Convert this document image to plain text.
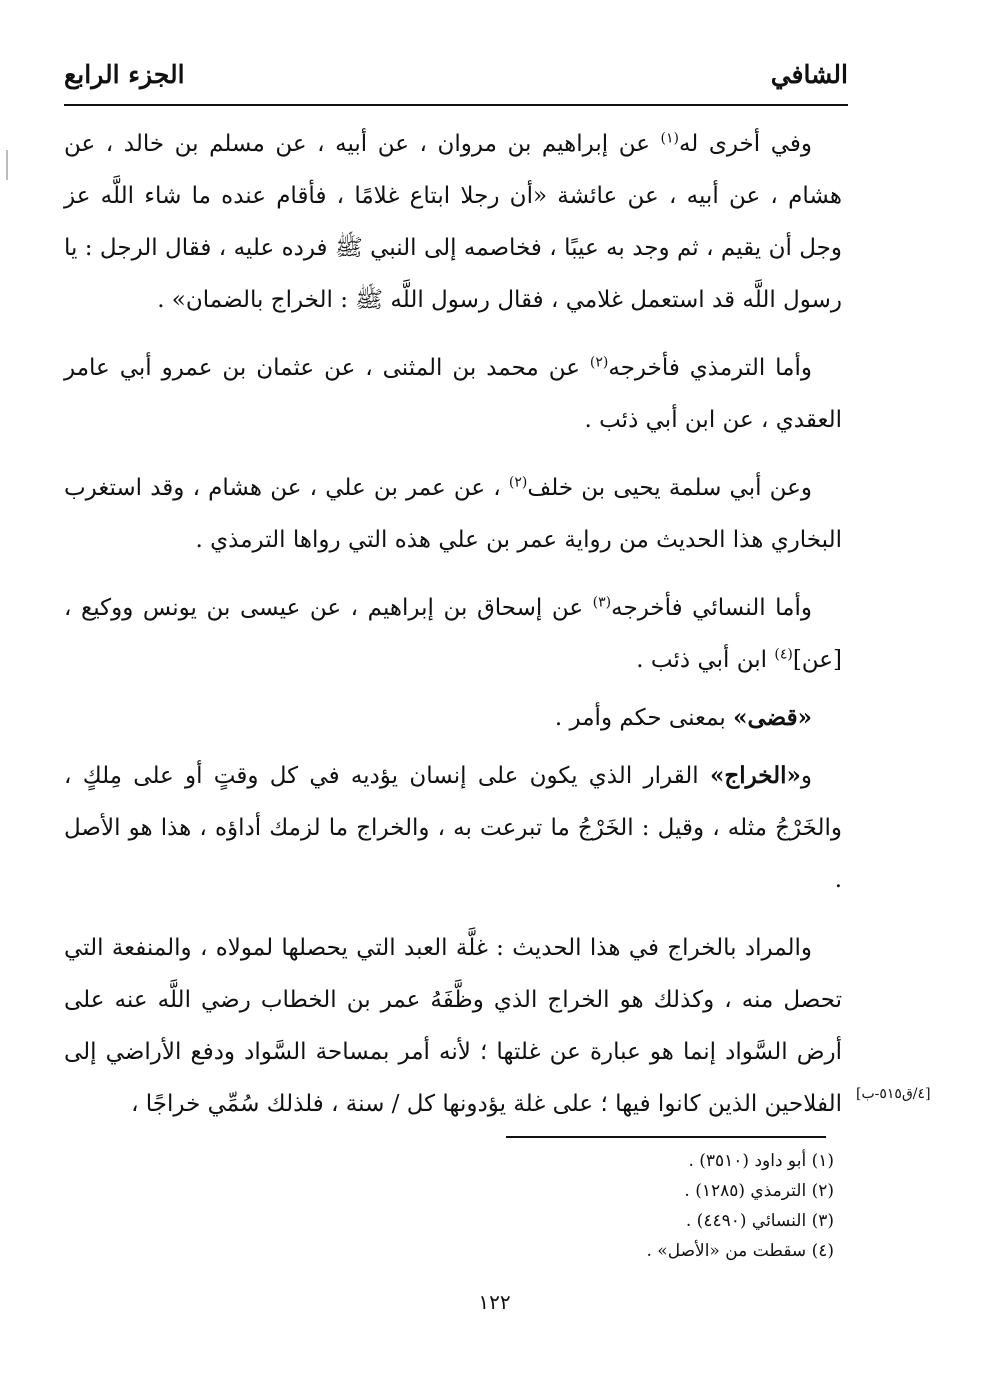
الشافي
الجزء الرابع

وفي أخرى له$^{(١)}$ عن إبراهيم بن مروان ، عن أبيه ، عن مسلم بن خالد ، عن هشام ، عن أبيه ، عن عائشة «أن رجلا ابتاع غلامًا ، فأقام عنده ما شاء اللَّه عز وجل أن يقيم ، ثم وجد به عيبًا ، فخاصمه إلى النبي ﷺ فرده عليه ، فقال الرجل : يا رسول اللَّه قد استعمل غلامي ، فقال رسول اللَّه ﷺ : الخراج بالضمان» .

وأما الترمذي فأخرجه$^{(٢)}$ عن محمد بن المثنى ، عن عثمان بن عمرو أبي عامر العقدي ، عن ابن أبي ذئب .

وعن أبي سلمة يحيى بن خلف$^{(٢)}$ ، عن عمر بن علي ، عن هشام ، وقد استغرب البخاري هذا الحديث من رواية عمر بن علي هذه التي رواها الترمذي .

وأما النسائي فأخرجه$^{(٣)}$ عن إسحاق بن إبراهيم ، عن عيسى بن يونس ووكيع ، [عن]$^{(٤)}$ ابن أبي ذئب .

«قضى» بمعنى حكم وأمر .

و«الخراج» القرار الذي يكون على إنسان يؤديه في كل وقتٍ أو على مِلكٍ ، والخَرْجُ مثله ، وقيل : الخَرْجُ ما تبرعت به ، والخراج ما لزمك أداؤه ، هذا هو الأصل .

والمراد بالخراج في هذا الحديث : غلَّة العبد التي يحصلها لمولاه ، والمنفعة التي تحصل منه ، وكذلك هو الخراج الذي وظَّفَهُ عمر بن الخطاب رضي اللَّه عنه على أرض السَّواد إنما هو عبارة عن غلتها ؛ لأنه أمر بمساحة السَّواد ودفع الأراضي إلى الفلاحين الذين كانوا فيها ؛ على غلة يؤدونها كل / سنة ، فلذلك سُمِّي خراجًا ، [٤/ق٥١٥-ب]

(١) أبو داود (٣٥١٠) .

(٢) الترمذي (١٢٨٥) .

(٣) النسائي (٤٤٩٠) .

(٤) سقطت من «الأصل» .

١٢٢
